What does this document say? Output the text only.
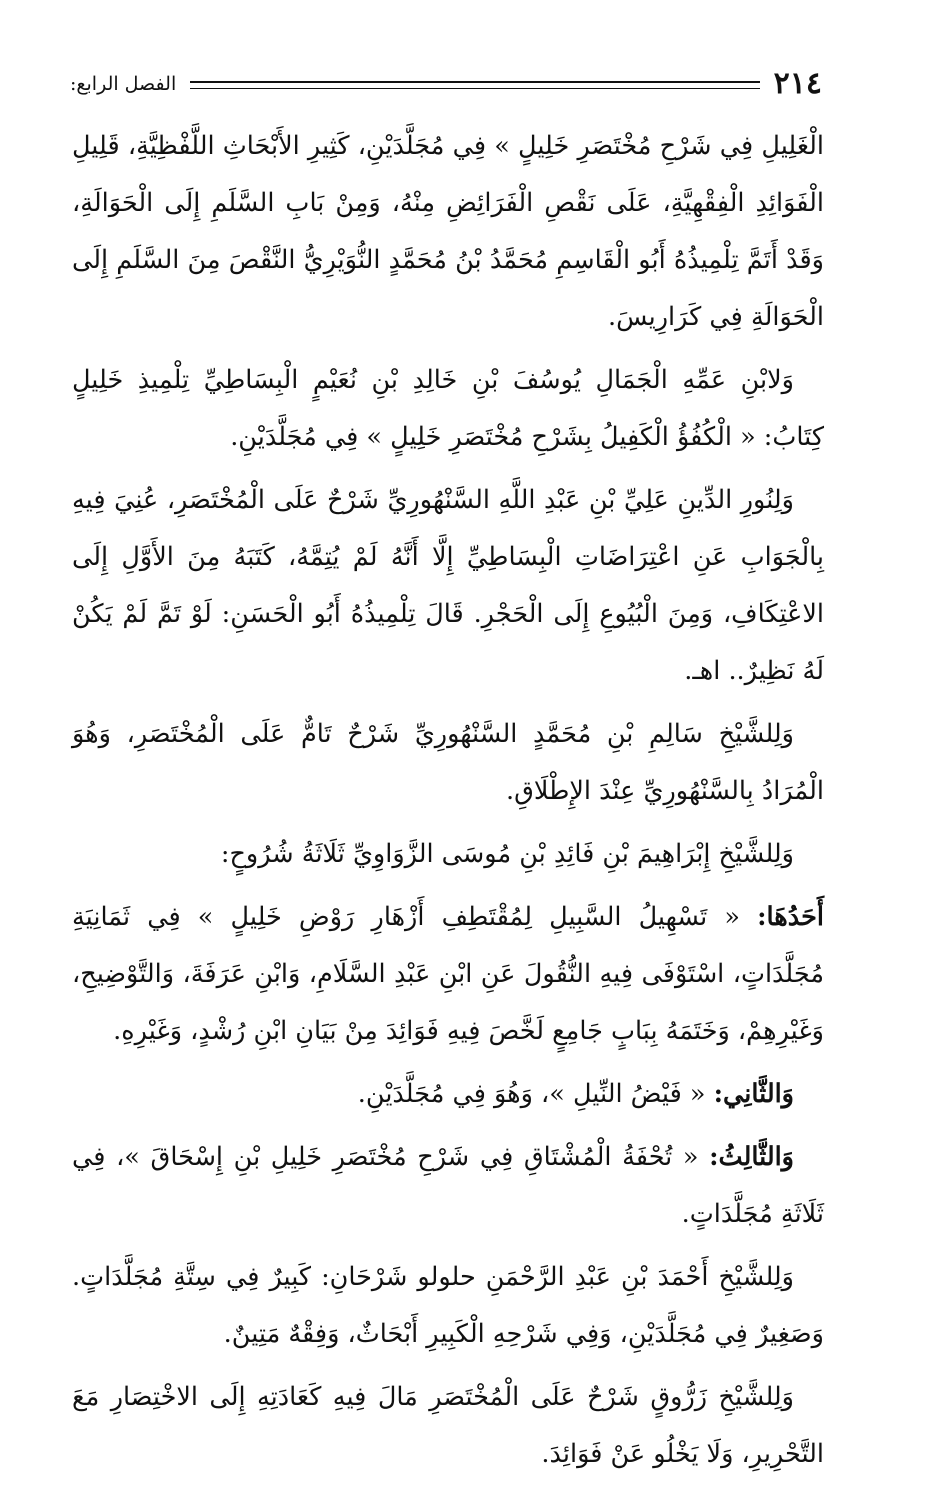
٢١٤
الفصل الرابع:

الْغَلِيلِ فِي شَرْحِ مُخْتَصَرِ خَلِيلٍ » فِي مُجَلَّدَيْنِ، كَثِيرِ الأَبْحَاثِ اللَّفْظِيَّةِ، قَلِيلِ الْفَوَائِدِ الْفِقْهِيَّةِ، عَلَى نَقْصِ الْفَرَائِضِ مِنْهُ، وَمِنْ بَابِ السَّلَمِ إِلَى الْحَوَالَةِ، وَقَدْ أَتَمَّ تِلْمِيذُهُ أَبُو الْقَاسِمِ مُحَمَّدُ بْنُ مُحَمَّدٍ النُّوَيْرِيُّ النَّقْصَ مِنَ السَّلَمِ إِلَى الْحَوَالَةِ فِي كَرَارِيسَ.

وَلابْنِ عَمِّهِ الْجَمَالِ يُوسُفَ بْنِ خَالِدِ بْنِ نُعَيْمٍ الْبِسَاطِيِّ تِلْمِيذِ خَلِيلٍ كِتَابُ: « الْكُفُؤُ الْكَفِيلُ بِشَرْحِ مُخْتَصَرِ خَلِيلٍ » فِي مُجَلَّدَيْنِ.

وَلِنُورِ الدِّينِ عَلِيِّ بْنِ عَبْدِ اللَّهِ السَّنْهُورِيِّ شَرْحٌ عَلَى الْمُخْتَصَرِ، عُنِيَ فِيهِ بِالْجَوَابِ عَنِ اعْتِرَاضَاتِ الْبِسَاطِيِّ إِلَّا أَنَّهُ لَمْ يُتِمَّهُ، كَتَبَهُ مِنَ الأَوَّلِ إِلَى الاعْتِكَافِ، وَمِنَ الْبُيُوعِ إِلَى الْحَجْرِ. قَالَ تِلْمِيذُهُ أَبُو الْحَسَنِ: لَوْ تَمَّ لَمْ يَكُنْ لَهُ نَظِيرٌ.. اهـ.

وَلِلشَّيْخِ سَالِمِ بْنِ مُحَمَّدٍ السَّنْهُورِيِّ شَرْحٌ تَامٌّ عَلَى الْمُخْتَصَرِ، وَهُوَ الْمُرَادُ بِالسَّنْهُورِيِّ عِنْدَ الإِطْلَاقِ.

وَلِلشَّيْخِ إِبْرَاهِيمَ بْنِ فَائِدِ بْنِ مُوسَى الزَّوَاوِيِّ ثَلَاثَةُ شُرُوحٍ:

أَحَدُهَا: « تَسْهِيلُ السَّبِيلِ لِمُقْتَطِفِ أَزْهَارِ رَوْضِ خَلِيلٍ » فِي ثَمَانِيَةِ مُجَلَّدَاتٍ، اسْتَوْفَى فِيهِ النُّقُولَ عَنِ ابْنِ عَبْدِ السَّلَامِ، وَابْنِ عَرَفَةَ، وَالتَّوْضِيحِ، وَغَيْرِهِمْ، وَخَتَمَهُ بِبَابٍ جَامِعٍ لَخَّصَ فِيهِ فَوَائِدَ مِنْ بَيَانِ ابْنِ رُشْدٍ، وَغَيْرِهِ.

وَالثَّانِي: « فَيْضُ النِّيلِ »، وَهُوَ فِي مُجَلَّدَيْنِ.

وَالثَّالِثُ: « تُحْفَةُ الْمُشْتَاقِ فِي شَرْحِ مُخْتَصَرِ خَلِيلِ بْنِ إِسْحَاقَ »، فِي ثَلَاثَةِ مُجَلَّدَاتٍ.

وَلِلشَّيْخِ أَحْمَدَ بْنِ عَبْدِ الرَّحْمَنِ حلولو شَرْحَانِ: كَبِيرٌ فِي سِتَّةِ مُجَلَّدَاتٍ. وَصَغِيرٌ فِي مُجَلَّدَيْنِ، وَفِي شَرْحِهِ الْكَبِيرِ أَبْحَاثٌ، وَفِقْهٌ مَتِينٌ.

وَلِلشَّيْخِ زَرُّوقٍ شَرْحٌ عَلَى الْمُخْتَصَرِ مَالَ فِيهِ كَعَادَتِهِ إِلَى الاخْتِصَارِ مَعَ التَّحْرِيرِ، وَلَا يَخْلُو عَنْ فَوَائِدَ.
